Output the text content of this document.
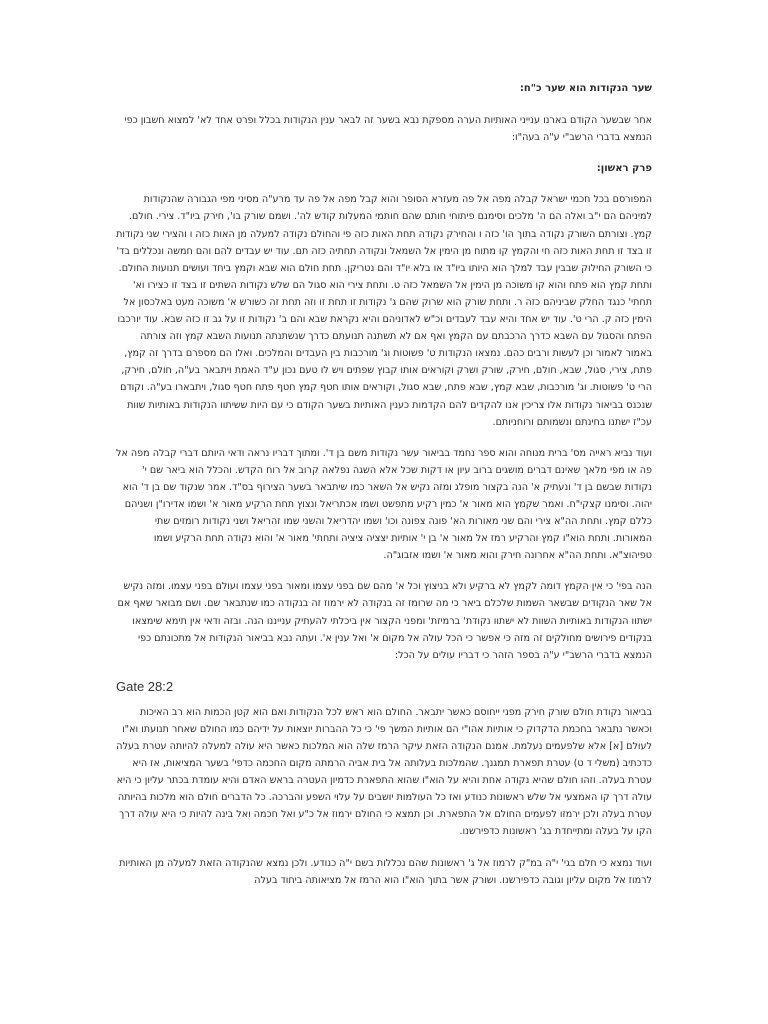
שער הנקודות הוא שער כ"ח:

אחר שבשער הקודם בארנו ענייני האותיות הערה מספקת נבא בשער זה לבאר ענין הנקודות בכלל ופרט אחד לא' למצוא חשבון כפי הנמצא בדברי הרשב"י ע"ה בעה"ו:

פרק ראשון:

המפורסם בכל חכמי ישראל קבלה מפה אל פה מעזרא הסופר והוא קבל מפה אל פה עד מרע"ה מסיני מפי הגבורה שהנקודות למיניהם הם י"ב ואלה הם ה' מלכים וסימנם פיתוחי חותם שהם חותמי המעלות קודש לה'. ושמם שורק בו', חירק ביו"ד. צירי. חולם. קמץ. וצורתם השורק נקודה בתוך הו' כזה ו והחירק נקודה תחת האות כזה פי והחולם נקודה למעלה מן האות כזה ו והצירי שני נקודות זו בצד זו תחת האות כזה חי והקמץ קו מתוח מן הימין אל השמאל ונקודה תחתיה כזה תם. עוד יש עבדים להם והם חמשה ונכללים בד' כי השורק החילוק שבבין עבד למלך הוא היותו ביו"ד או בלא יו"ד והם נטריקן. תחת חולם הוא שבא וקמץ ביחד ועושים תנועות החולם. ותחת קמץ הוא פתח והוא קו משוכה מן הימין אל השמאל כזה ט. ותחת צירי הוא סגול הם שלש נקודות השתים זו בצד זו כצירו וא' תחתי' כנגד החלק שביניהם כזה ר. ותחת שורק הוא שרוק שהם ג' נקודות זו תחת זו וזה תחת זה כשורש א' משוכה מעט באלכסון אל הימין כזה ק. הרי ט'. עוד יש אחד והיא עבד לעבדים וכ"ש לאדוניהם והיא נקראת שבא והם ב' נקודות זו על גב זו כזה שבא. עוד יורכבו הפתח והסגול עם השבא כדרך הרכבתם עם הקמץ ואף אם לא תשתנה תנועתם כדרך שנשתנתה תנועות השבא קמץ וזה צורתה באמור לאמור וכן לעשות ורבים כהם. נמצאו הנקודות ט' פשוטות וג' מורכבות בין העבדים והמלכים. ואלו הם מספרם בדרך זה קמץ, פתח, צירי, סגול, שבא, חולם, חירק, שורק ושרק וקוראים אותו קבוץ שפתים ויש לו טעם נכון ע"ד האמת ויתבאר בע"ה, חולם, חירק, הרי ט' פשוטות. וג' מורכבות, שבא קמץ, שבא פתח, שבא סגול, וקוראים אותו חטף קמץ חטף פתח חטף סגול, ויתבארו בע"ה. וקודם שנכנס בביאור נקודות אלו צריכין אנו להקדים להם הקדמות כענין האותיות בשער הקודם כי עם היות ששיתוו הנקודות באותיות שוות עכ"ז ישתנו בחינתם ונשמותם ורוחניותם.

ועוד נביא ראייה מס' ברית מנוחה והוא ספר נחמד בביאור עשר נקודות משם בן ד'. ומתוך דבריו נראה ודאי היותם דברי קבלה מפה אל פה או מפי מלאך שאינם דברים מושגים ברוב עיון או דקות שכל אלא השגה נפלאה קרוב אל רוח הקדש. והכלל הוא ביאר שם י' נקודות שבשם בן ד' ונעתיק א' הנה בקצור מופלג ומזה נקיש אל השאר כמו שיתבאר בשער הצירוף בס"ד. אמר שנקוד שם בן ד' הוא יהוה. וסימנו קצקי"ח. ואמר שקמץ הוא מאור א' כמין רקיע מתפשט ושמו אכתריאל ונצוץ תחת הרקיע מאור א' ושמו אדירו"ן ושניהם כללם קמץ. ותחת הה"א צירי והם שני מאורות הא' פונה צפונה וכו' ושמו יהדריאל והשני שמו זהריאל ושני נקודות רומזים שתי המאורות. ותחת הוא"ו קמץ והרקיע רמז אל מאור א' בן י' אותיות יצציה ציציה ותחתי' מאור א' והוא נקודה תחת הרקיע ושמו טפיהוצ"א. ותחת הה"א אחרונה חירק והוא מאור א' ושמו אזבוג"ה.

הנה בפי' כי אין הקמץ דומה לקמץ לא ברקיע ולא בניצוץ וכל א' מהם שם בפני עצמו ומאור בפני עצמו ועולם בפני עצמו. ומזה נקיש אל שאר הנקודים שבשאר השמות שלכלם ביאר כי מה שרומז זה בנקודה לא ירמוז זה בנקודה כמו שנתבאר שם. ושם מבואר שאף אם ישתוו הנקודות באותיות השוות לא ישתוו נקודת' ברמיזת' ומפני הקצור אין ביכלתי להעתיק ענייננו הנה. ובזה ודאי אין תימא שימצאו בנקודים פירושים מחולקים זה מזה כי אפשר כי הכל עולה אל מקום א' ואל ענין א'. ועתה נבא בביאור הנקודות אל מתכונתם כפי הנמצא בדברי הרשב"י ע"ה בספר הזהר כי דבריו עולים על הכל:

Gate 28:2

בביאור נקודת חולם שורק חירק מפני ייחוסם כאשר יתבאר. החולם הוא ראש לכל הנקודות ואם הוא קטן הכמות הוא רב האיכות וכאשר נתבאר בחכמת הדקדוק כי אותיות אהו"י הם אותיות המשך פי' כי כל ההברות יוצאות על ידיהם כמו החולם שאחר תנועתו וא"ו לעולם [א] אלא שלפעמים נעלמת. אמנם הנקודה הזאת עיקר הרמז שלה הוא המלכות כאשר היא עולה למעלה להיותה עטרת בעלה כדכתיב (משלי ד ט) עטרת תפארת תמגנך. שהמלכות בעלותה אל בית אביה הרמתה מקום החכמה כדפי' בשער המציאות, אז היא עטרת בעלה. וזהו חולם שהיא נקודה אחת והיא על הוא"ו שהוא התפארת כדמיון העטרה בראש האדם והיא עומדת בכתר עליון כי היא עולה דרך קו האמצעי אל שלש ראשונות כנודע ואז כל העולמות יושבים על עלוי השפע והברכה. כל הדברים חולם הוא מלכות בהיותה עטרת בעלה ולכן ירמזו לפעמים החולם אל התפארת. וכן תמצא כי החולם ירמוז אל כ"ע ואל חכמה ואל בינה להיות כי היא עולה דרך הקו על בעלה ומתייחדת בג' ראשונות כדפירשנו.

ועוד נמצא כי חלם בגי' י"ה במ"ק לרמוז אל ג' ראשונות שהם נכללות בשם י"ה כנודע. ולכן נמצא שהנקודה הזאת למעלה מן האותיות לרמוז אל מקום עליון וגובה כדפירשנו. ושורק אשר בתוך הוא"ו הוא הרמז אל מציאותה ביחוד בעלה
